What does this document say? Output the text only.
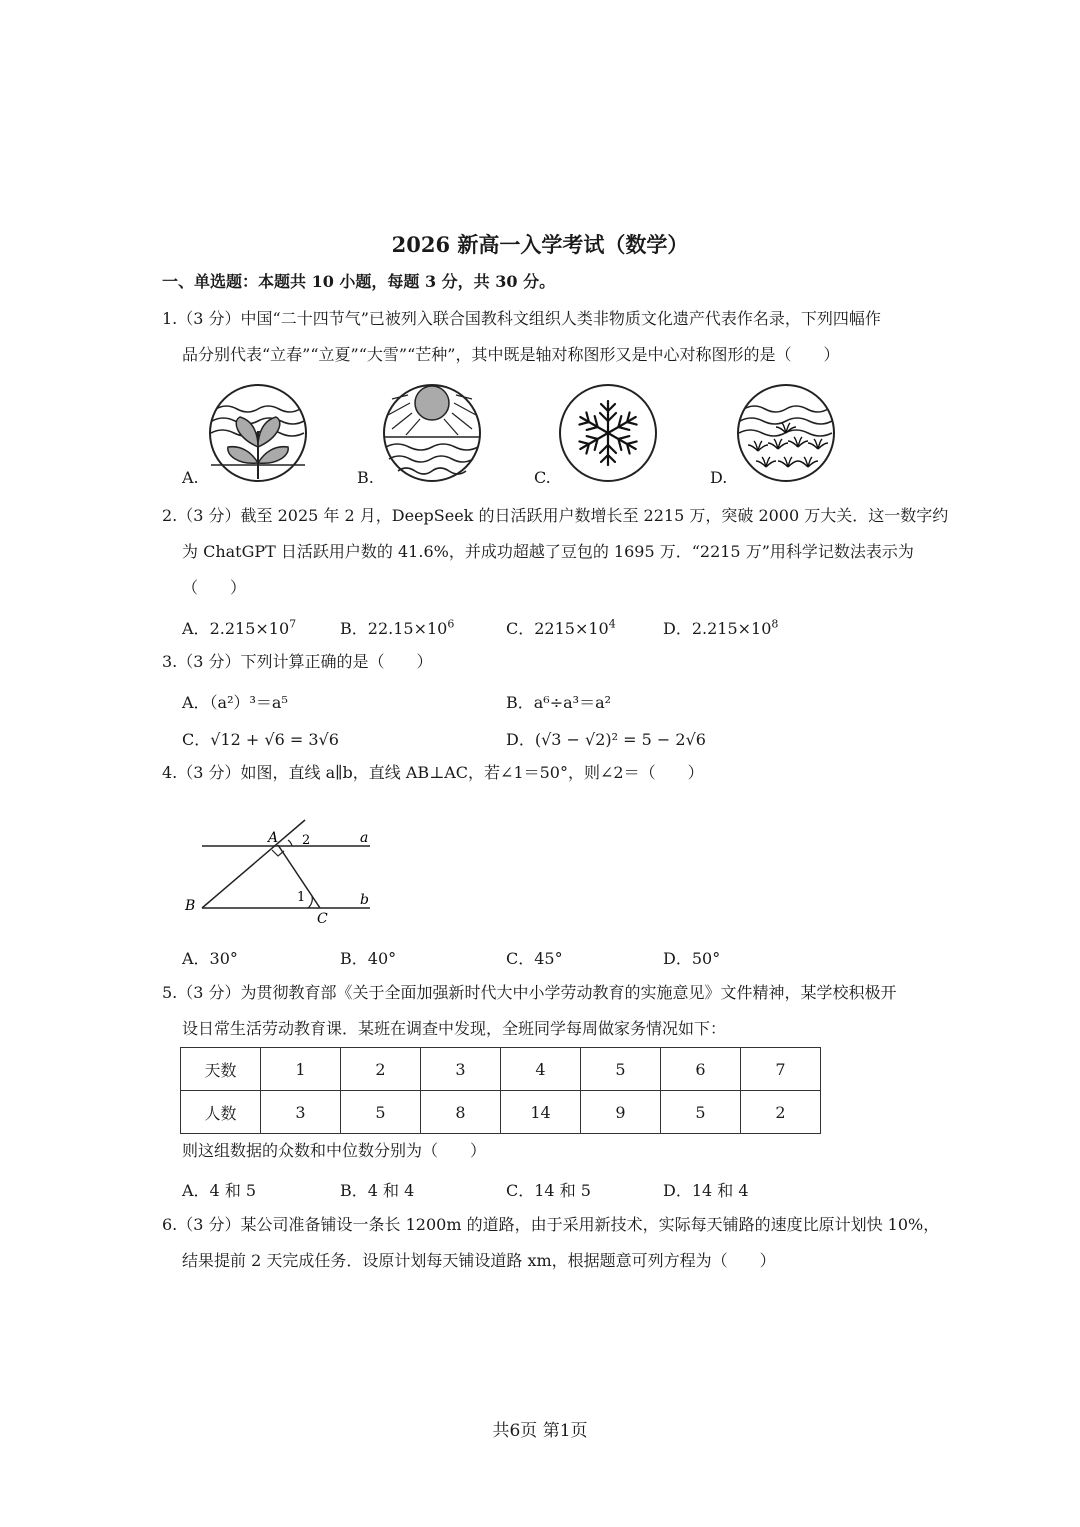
2026 新高一入学考试（数学）
一、单选题：本题共 10 小题，每题 3 分，共 30 分。
1.（3 分）中国“二十四节气”已被列入联合国教科文组织人类非物质文化遗产代表作名录，下列四幅作
品分别代表“立春”“立夏”“大雪”“芒种”，其中既是轴对称图形又是中心对称图形的是（　　）
A.	B.	C.	D.
2.（3 分）截至 2025 年 2 月，DeepSeek 的日活跃用户数增长至 2215 万，突破 2000 万大关．这一数字约
为 ChatGPT 日活跃用户数的 41.6%，并成功超越了豆包的 1695 万．“2215 万”用科学记数法表示为
（　　）
A．$2.215\times 10^7$	B．$22.15\times 10^6$	C．$2215\times 10^4$	D．$2.215\times 10^8$
3.（3 分）下列计算正确的是（　　）
A．（a²）³＝a⁵	B．a⁶÷a³＝a²
C．√12 + √6 = 3√6	D．(√3 − √2)² = 5 − 2√6
4.（3 分）如图，直线 a∥b，直线 AB⊥AC，若∠1＝50°，则∠2＝（　　）
A 2	a
B
1
C
b
A．30°	B．40°	C．45°	D．50°
5.（3 分）为贯彻教育部《关于全面加强新时代大中小学劳动教育的实施意见》文件精神，某学校积极开
设日常生活劳动教育课．某班在调查中发现，全班同学每周做家务情况如下：
天数	1	2	3	4	5	6	7
人数	3	5	8	14	9	5	2
则这组数据的众数和中位数分别为（　　）
A．4 和 5	B．4 和 4	C．14 和 5	D．14 和 4
6.（3 分）某公司准备铺设一条长 1200m 的道路，由于采用新技术，实际每天铺路的速度比原计划快 10%，
结果提前 2 天完成任务．设原计划每天铺设道路 xm，根据题意可列方程为（　　）
共6页 第1页
